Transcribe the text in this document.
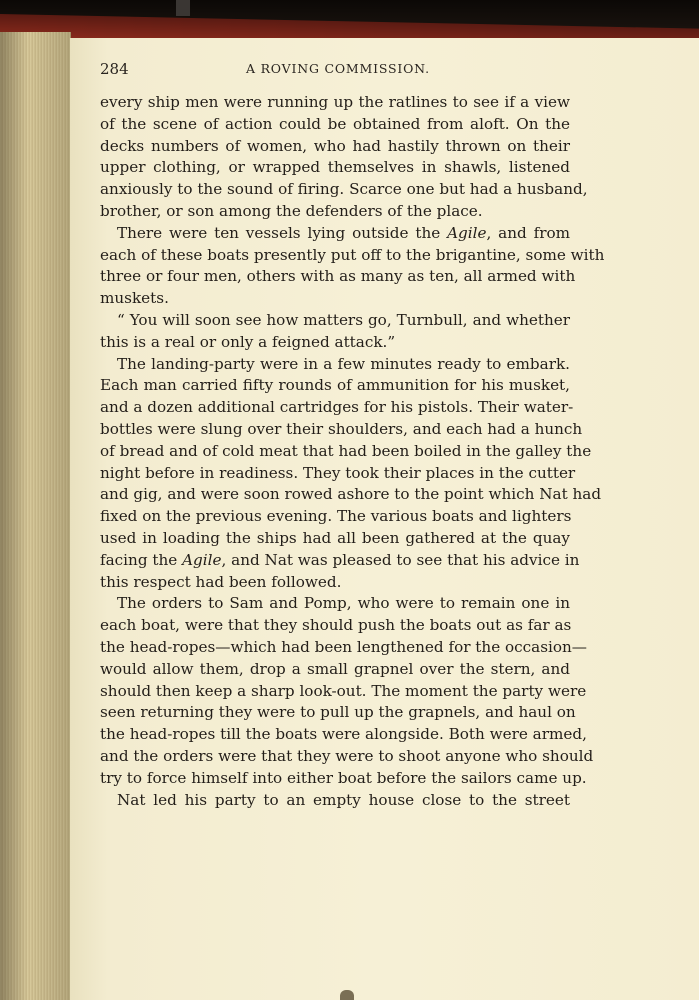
284	A ROVING COMMISSION.
every ship men were running up the ratlines to see if a view
of the scene of action could be obtained from aloft. On the
decks numbers of women, who had hastily thrown on their
upper clothing, or wrapped themselves in shawls, listened
anxiously to the sound of firing. Scarce one but had a husband,
brother, or son among the defenders of the place.
There were ten vessels lying outside the Agile, and from
each of these boats presently put off to the brigantine, some with
three or four men, others with as many as ten, all armed with
muskets.
“ You will soon see how matters go, Turnbull, and whether
this is a real or only a feigned attack.”
The landing-party were in a few minutes ready to embark.
Each man carried fifty rounds of ammunition for his musket,
and a dozen additional cartridges for his pistols. Their water-
bottles were slung over their shoulders, and each had a hunch
of bread and of cold meat that had been boiled in the galley the
night before in readiness. They took their places in the cutter
and gig, and were soon rowed ashore to the point which Nat had
fixed on the previous evening. The various boats and lighters
used in loading the ships had all been gathered at the quay
facing the Agile, and Nat was pleased to see that his advice in
this respect had been followed.
The orders to Sam and Pomp, who were to remain one in
each boat, were that they should push the boats out as far as
the head-ropes—which had been lengthened for the occasion—
would allow them, drop a small grapnel over the stern, and
should then keep a sharp look-out. The moment the party were
seen returning they were to pull up the grapnels, and haul on
the head-ropes till the boats were alongside. Both were armed,
and the orders were that they were to shoot anyone who should
try to force himself into either boat before the sailors came up.
Nat led his party to an empty house close to the street
